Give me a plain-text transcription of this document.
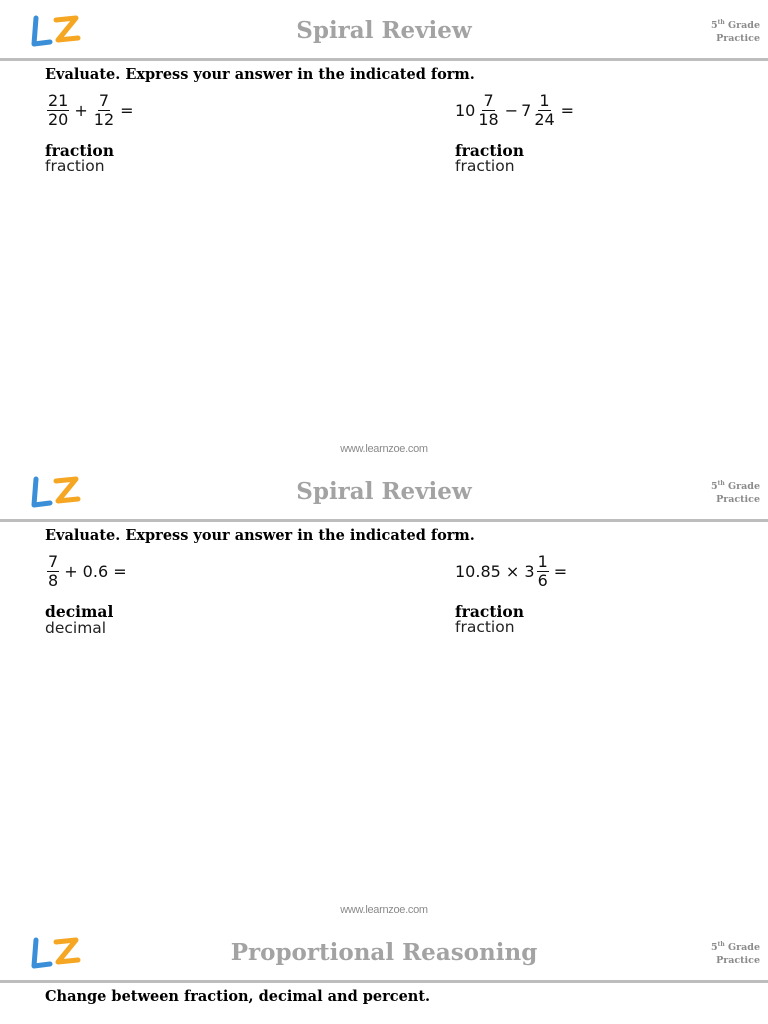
Spiral Review	5th Grade
Practice
Evaluate. Express your answer in the indicated form.
$\frac{21}{20} + \frac{7}{12}$ =
fraction
fraction
$10 \frac{7}{18} - 7 \frac{1}{24}$ =
fraction
fraction
www.learnzoe.com
Spiral Review	5th Grade
Practice
Evaluate. Express your answer in the indicated form.
$\frac{7}{8} + 0.6$ =
decimal
decimal
$10.85 \times 3 \frac{1}{6}$ =
fraction
fraction
www.learnzoe.com
Proportional Reasoning	5th Grade
Practice
Change between fraction, decimal and percent.
